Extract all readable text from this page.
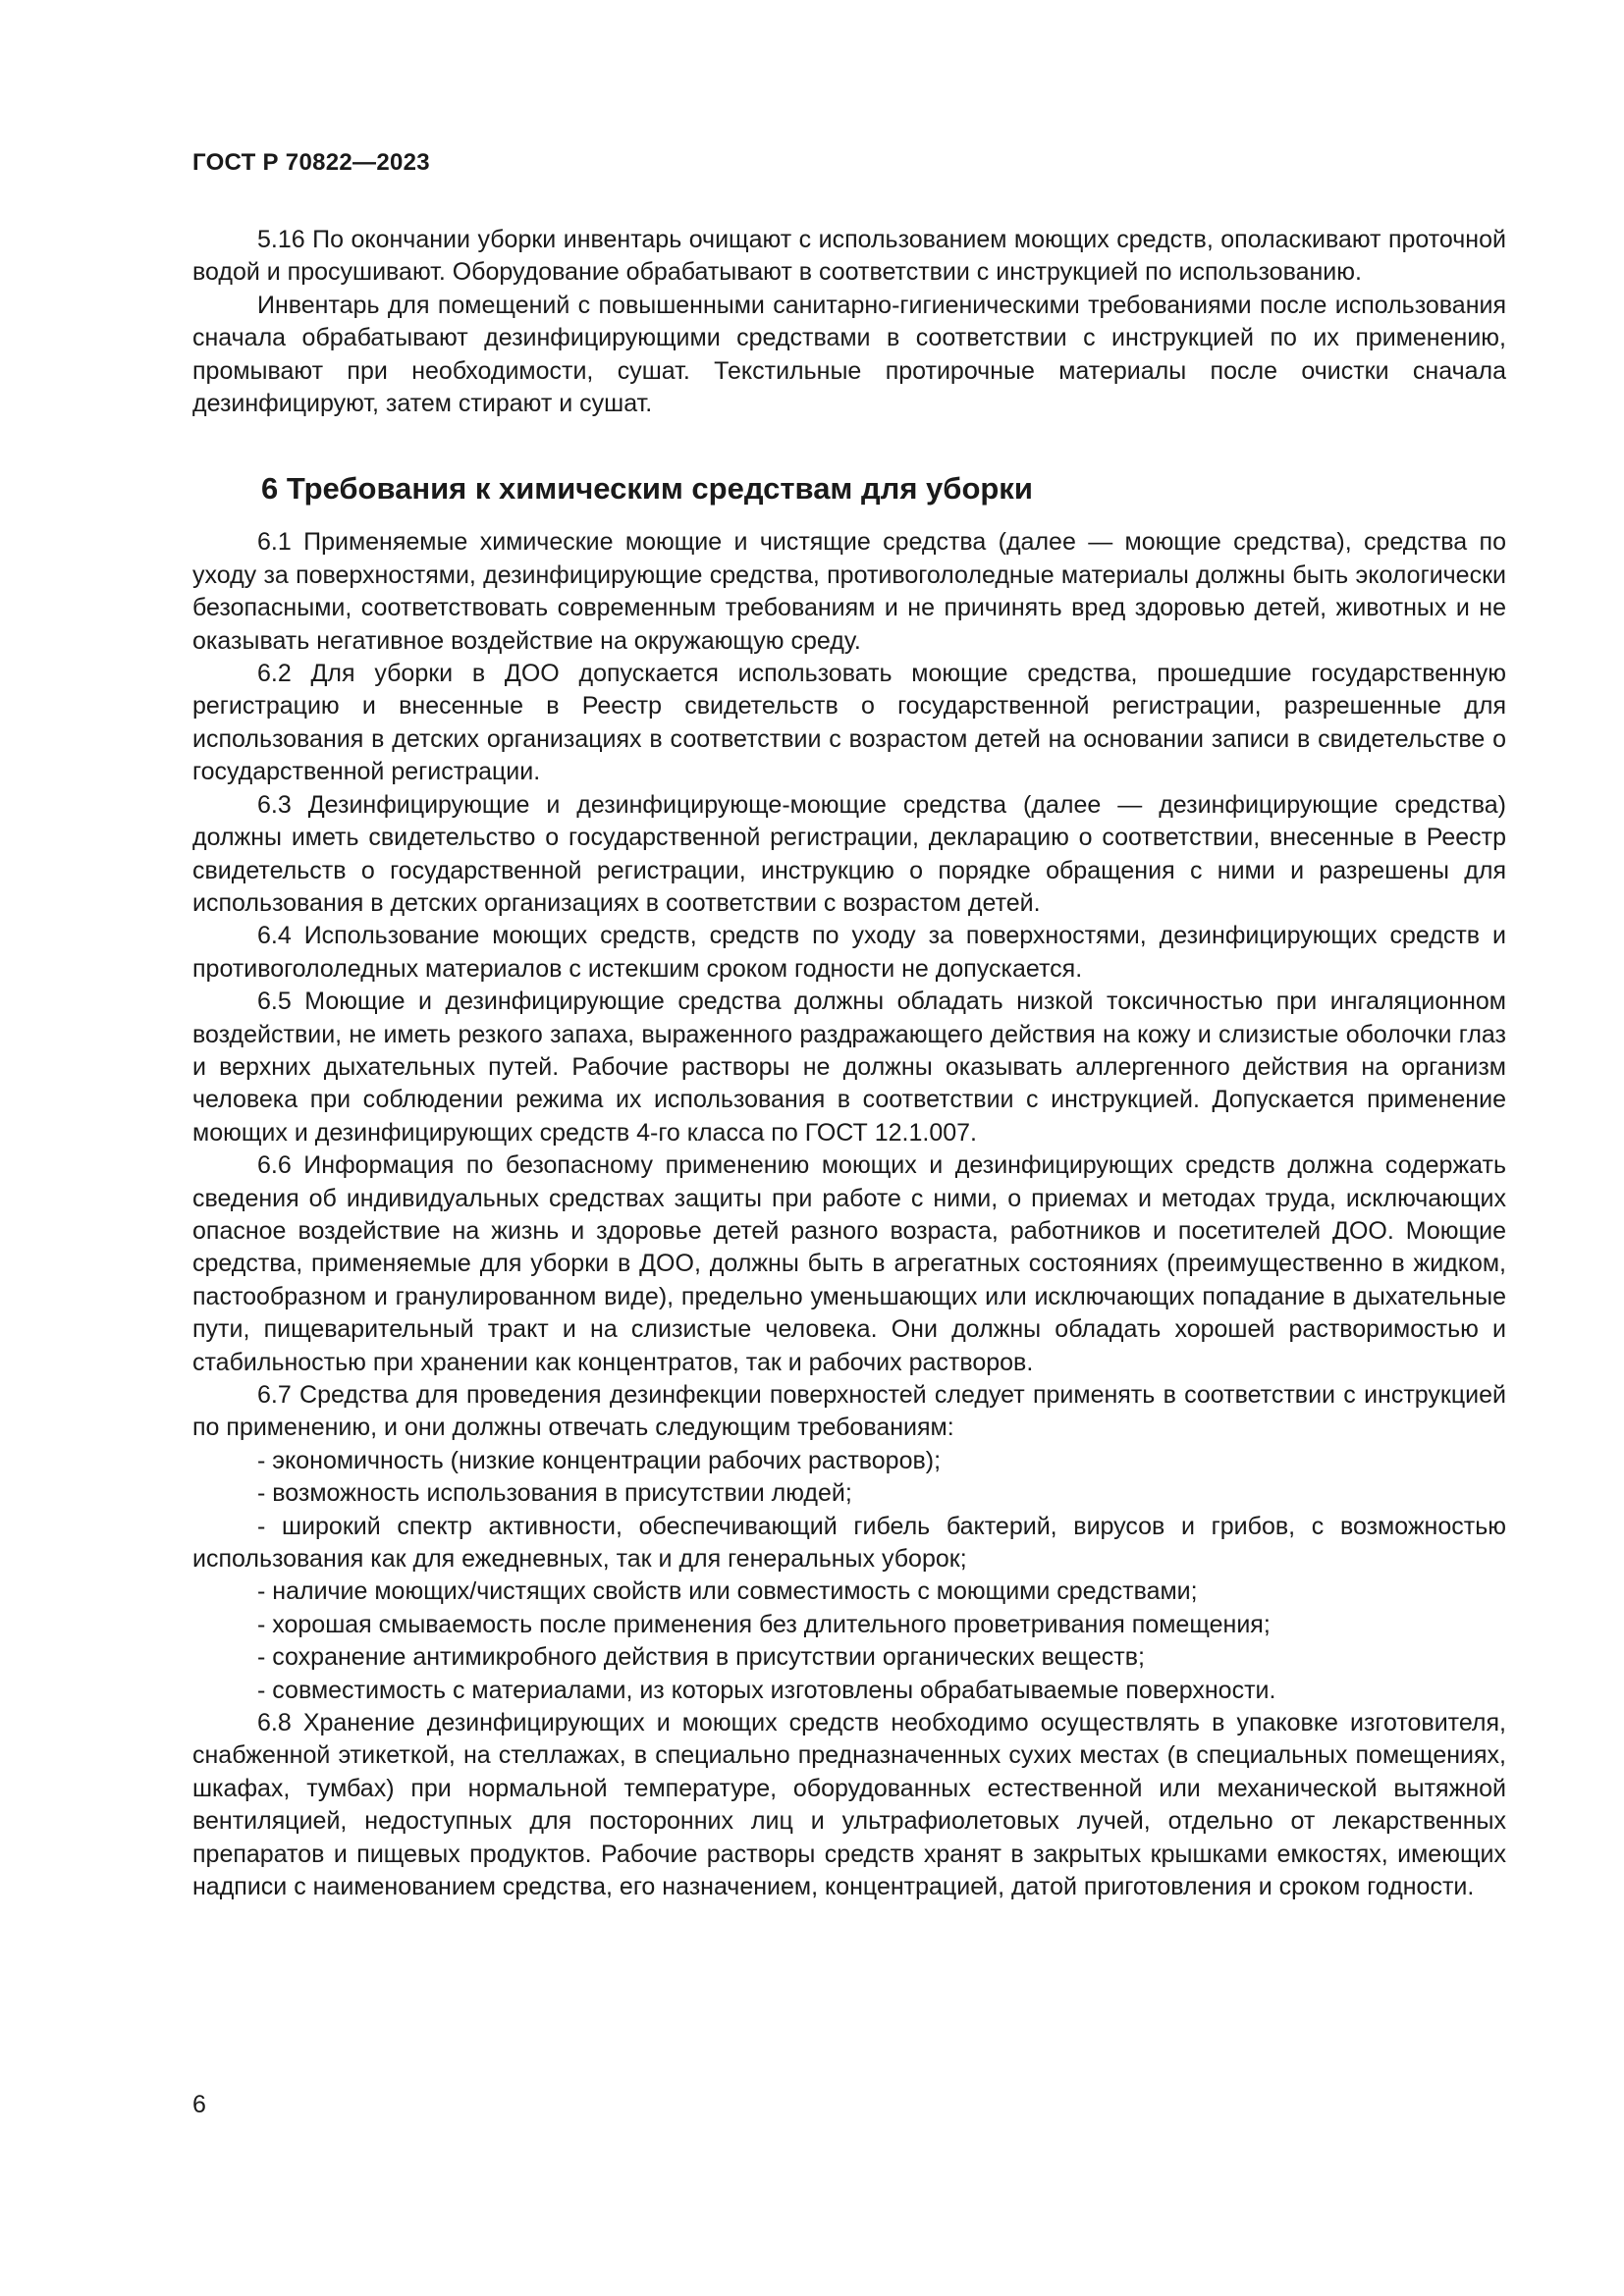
ГОСТ Р 70822—2023

5.16 По окончании уборки инвентарь очищают с использованием моющих средств, ополаскивают проточной водой и просушивают. Оборудование обрабатывают в соответствии с инструкцией по использованию.

Инвентарь для помещений с повышенными санитарно-гигиеническими требованиями после использования сначала обрабатывают дезинфицирующими средствами в соответствии с инструкцией по их применению, промывают при необходимости, сушат. Текстильные протирочные материалы после очистки сначала дезинфицируют, затем стирают и сушат.

6 Требования к химическим средствам для уборки

6.1 Применяемые химические моющие и чистящие средства (далее — моющие средства), средства по уходу за поверхностями, дезинфицирующие средства, противогололедные материалы должны быть экологически безопасными, соответствовать современным требованиям и не причинять вред здоровью детей, животных и не оказывать негативное воздействие на окружающую среду.

6.2 Для уборки в ДОО допускается использовать моющие средства, прошедшие государственную регистрацию и внесенные в Реестр свидетельств о государственной регистрации, разрешенные для использования в детских организациях в соответствии с возрастом детей на основании записи в свидетельстве о государственной регистрации.

6.3 Дезинфицирующие и дезинфицирующе-моющие средства (далее — дезинфицирующие средства) должны иметь свидетельство о государственной регистрации, декларацию о соответствии, внесенные в Реестр свидетельств о государственной регистрации, инструкцию о порядке обращения с ними и разрешены для использования в детских организациях в соответствии с возрастом детей.

6.4 Использование моющих средств, средств по уходу за поверхностями, дезинфицирующих средств и противогололедных материалов с истекшим сроком годности не допускается.

6.5 Моющие и дезинфицирующие средства должны обладать низкой токсичностью при ингаляционном воздействии, не иметь резкого запаха, выраженного раздражающего действия на кожу и слизистые оболочки глаз и верхних дыхательных путей. Рабочие растворы не должны оказывать аллергенного действия на организм человека при соблюдении режима их использования в соответствии с инструкцией. Допускается применение моющих и дезинфицирующих средств 4-го класса по ГОСТ 12.1.007.

6.6 Информация по безопасному применению моющих и дезинфицирующих средств должна содержать сведения об индивидуальных средствах защиты при работе с ними, о приемах и методах труда, исключающих опасное воздействие на жизнь и здоровье детей разного возраста, работников и посетителей ДОО. Моющие средства, применяемые для уборки в ДОО, должны быть в агрегатных состояниях (преимущественно в жидком, пастообразном и гранулированном виде), предельно уменьшающих или исключающих попадание в дыхательные пути, пищеварительный тракт и на слизистые человека. Они должны обладать хорошей растворимостью и стабильностью при хранении как концентратов, так и рабочих растворов.

6.7 Средства для проведения дезинфекции поверхностей следует применять в соответствии с инструкцией по применению, и они должны отвечать следующим требованиям:

- экономичность (низкие концентрации рабочих растворов);

- возможность использования в присутствии людей;

- широкий спектр активности, обеспечивающий гибель бактерий, вирусов и грибов, с возможностью использования как для ежедневных, так и для генеральных уборок;

- наличие моющих/чистящих свойств или совместимость с моющими средствами;

- хорошая смываемость после применения без длительного проветривания помещения;

- сохранение антимикробного действия в присутствии органических веществ;

- совместимость с материалами, из которых изготовлены обрабатываемые поверхности.

6.8 Хранение дезинфицирующих и моющих средств необходимо осуществлять в упаковке изготовителя, снабженной этикеткой, на стеллажах, в специально предназначенных сухих местах (в специальных помещениях, шкафах, тумбах) при нормальной температуре, оборудованных естественной или механической вытяжной вентиляцией, недоступных для посторонних лиц и ультрафиолетовых лучей, отдельно от лекарственных препаратов и пищевых продуктов. Рабочие растворы средств хранят в закрытых крышками емкостях, имеющих надписи с наименованием средства, его назначением, концентрацией, датой приготовления и сроком годности.

6
